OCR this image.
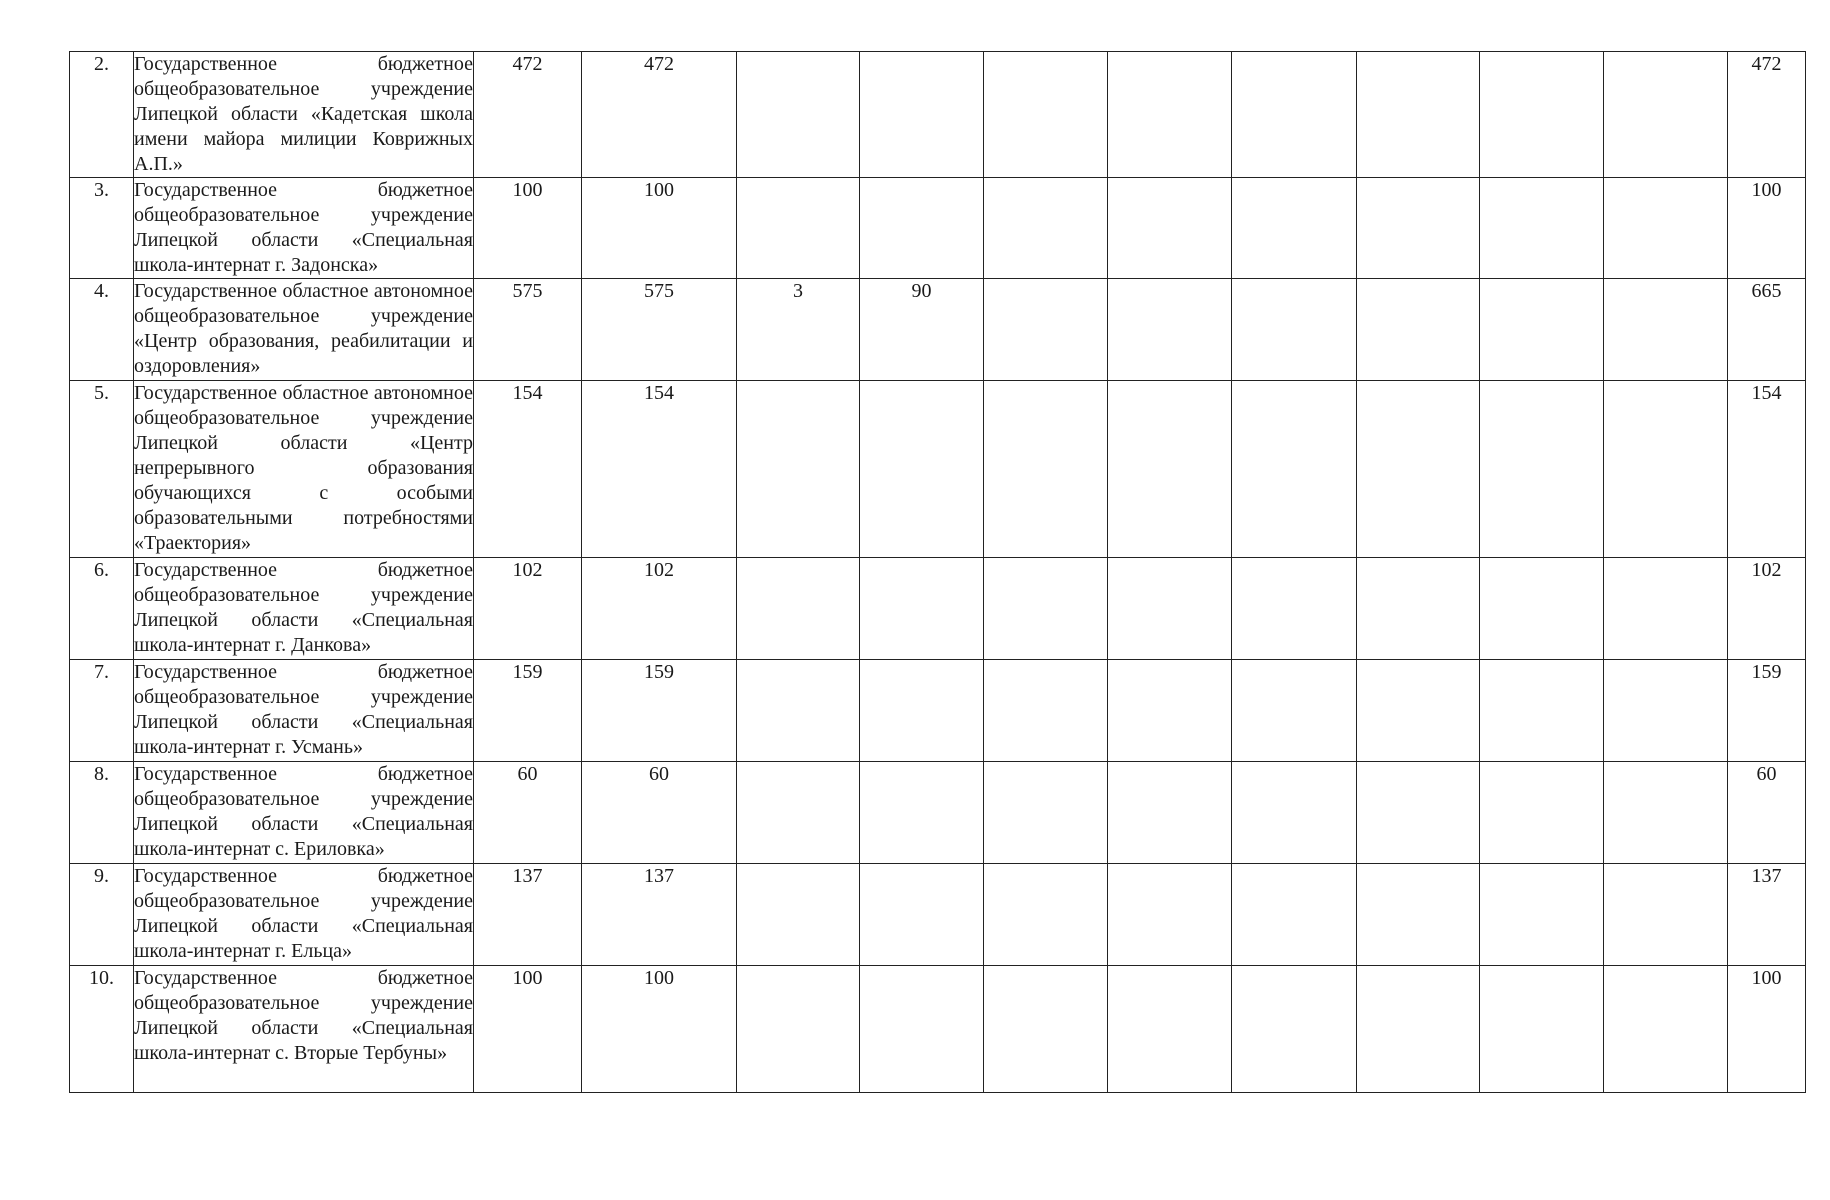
2.	Государственное бюджетное общеобразовательное учреждение Липецкой области «Кадетская школа имени майора милиции Коврижных А.П.»	472	472									472
3.	Государственное бюджетное общеобразовательное учреждение Липецкой области «Специальная школа-интернат г. Задонска»	100	100									100
4.	Государственное областное автономное общеобразовательное учреждение «Центр образования, реабилитации и оздоровления»	575	575	3	90							665
5.	Государственное областное автономное общеобразовательное учреждение Липецкой области «Центр непрерывного образования обучающихся с особыми образовательными потребностями «Траектория»	154	154									154
6.	Государственное бюджетное общеобразовательное учреждение Липецкой области «Специальная школа-интернат г. Данкова»	102	102									102
7.	Государственное бюджетное общеобразовательное учреждение Липецкой области «Специальная школа-интернат г. Усмань»	159	159									159
8.	Государственное бюджетное общеобразовательное учреждение Липецкой области «Специальная школа-интернат с. Ериловка»	60	60									60
9.	Государственное бюджетное общеобразовательное учреждение Липецкой области «Специальная школа-интернат г. Ельца»	137	137									137
10.	Государственное бюджетное общеобразовательное учреждение Липецкой области «Специальная школа-интернат с. Вторые Тербуны»	100	100									100
